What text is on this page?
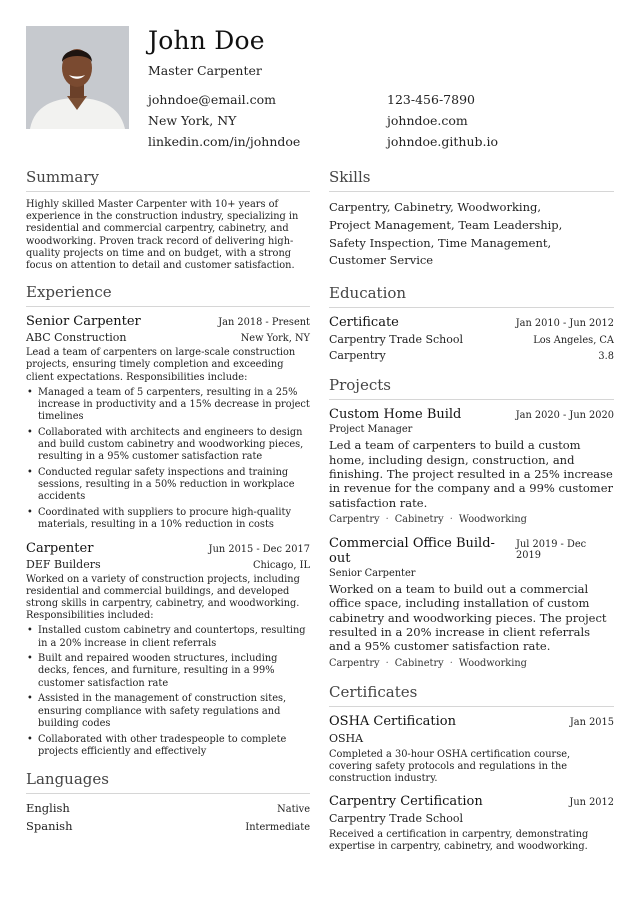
John Doe
Master Carpenter
johndoe@email.com	123-456-7890
New York, NY	johndoe.com
linkedin.com/in/johndoe	johndoe.github.io
Summary
Highly skilled Master Carpenter with 10+ years of experience in the construction industry, specializing in residential and commercial carpentry, cabinetry, and woodworking. Proven track record of delivering high-quality projects on time and on budget, with a strong focus on attention to detail and customer satisfaction.
Experience
Senior Carpenter	Jan 2018 - Present
ABC Construction	New York, NY
Lead a team of carpenters on large-scale construction projects, ensuring timely completion and exceeding client expectations. Responsibilities include:
• Managed a team of 5 carpenters, resulting in a 25% increase in productivity and a 15% decrease in project timelines
• Collaborated with architects and engineers to design and build custom cabinetry and woodworking pieces, resulting in a 95% customer satisfaction rate
• Conducted regular safety inspections and training sessions, resulting in a 50% reduction in workplace accidents
• Coordinated with suppliers to procure high-quality materials, resulting in a 10% reduction in costs
Carpenter	Jun 2015 - Dec 2017
DEF Builders	Chicago, IL
Worked on a variety of construction projects, including residential and commercial buildings, and developed strong skills in carpentry, cabinetry, and woodworking. Responsibilities included:
• Installed custom cabinetry and countertops, resulting in a 20% increase in client referrals
• Built and repaired wooden structures, including decks, fences, and furniture, resulting in a 99% customer satisfaction rate
• Assisted in the management of construction sites, ensuring compliance with safety regulations and building codes
• Collaborated with other tradespeople to complete projects efficiently and effectively
Languages
English	Native
Spanish	Intermediate
Skills
Carpentry, Cabinetry, Woodworking,
Project Management, Team Leadership,
Safety Inspection, Time Management,
Customer Service
Education
Certificate	Jan 2010 - Jun 2012
Carpentry Trade School	Los Angeles, CA
Carpentry	3.8
Projects
Custom Home Build	Jan 2020 - Jun 2020
Project Manager
Led a team of carpenters to build a custom home, including design, construction, and finishing. The project resulted in a 25% increase in revenue for the company and a 99% customer satisfaction rate.
Carpentry · Cabinetry · Woodworking
Commercial Office Build-out
Jul 2019 - Dec 2019
Senior Carpenter
Worked on a team to build out a commercial office space, including installation of custom cabinetry and woodworking pieces. The project resulted in a 20% increase in client referrals and a 95% customer satisfaction rate.
Carpentry · Cabinetry · Woodworking
Certificates
OSHA Certification	Jan 2015
OSHA
Completed a 30-hour OSHA certification course, covering safety protocols and regulations in the construction industry.
Carpentry Certification	Jun 2012
Carpentry Trade School
Received a certification in carpentry, demonstrating expertise in carpentry, cabinetry, and woodworking.
